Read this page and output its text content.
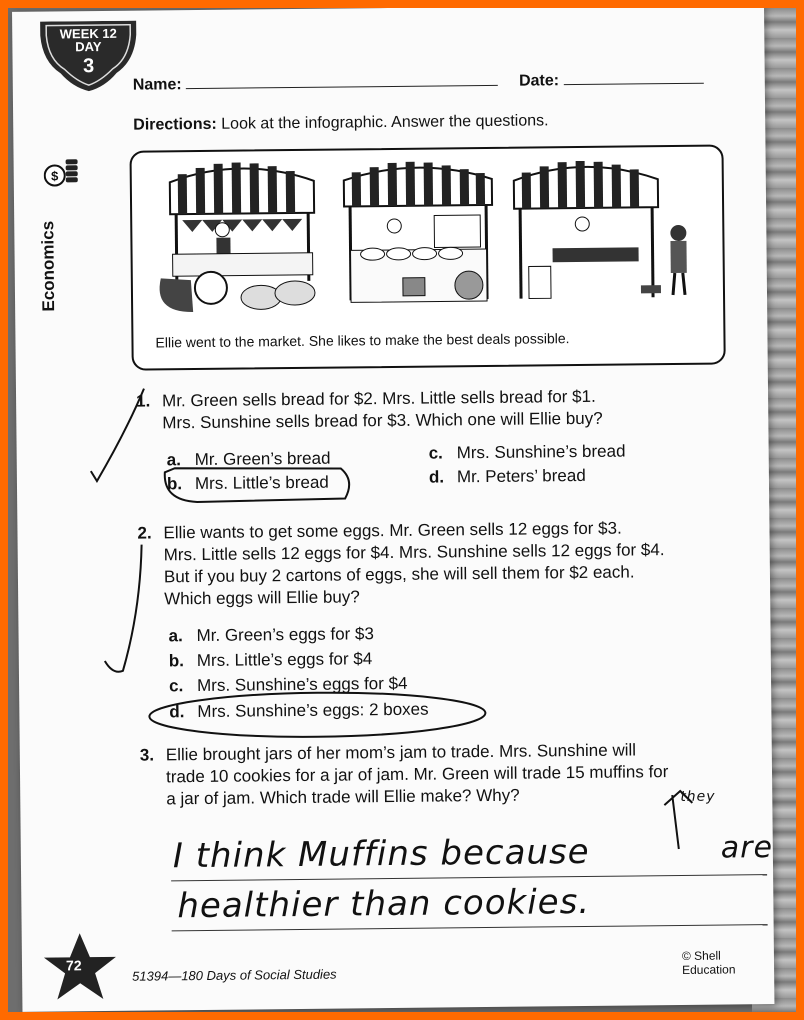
WEEK 12
DAY
3
Name:	Date:
$
Economics
Directions: Look at the infographic. Answer the questions.
Ellie went to the market. She likes to make the best deals possible.
1. Mr. Green sells bread for $2. Mrs. Little sells bread for $1.
Mrs. Sunshine sells bread for $3. Which one will Ellie buy?
a. Mr. Green’s bread
b. Mrs. Little’s bread
c. Mrs. Sunshine’s bread
d. Mr. Peters’ bread
2. Ellie wants to get some eggs. Mr. Green sells 12 eggs for $3.
Mrs. Little sells 12 eggs for $4. Mrs. Sunshine sells 12 eggs for $4.
But if you buy 2 cartons of eggs, she will sell them for $2 each.
Which eggs will Ellie buy?
a. Mr. Green’s eggs for $3
b. Mrs. Little’s eggs for $4
c. Mrs. Sunshine’s eggs for $4
d. Mrs. Sunshine’s eggs: 2 boxes
3. Ellie brought jars of her mom’s jam to trade. Mrs. Sunshine will
trade 10 cookies for a jar of jam. Mr. Green will trade 15 muffins for
a jar of jam. Which trade will Ellie make? Why?
I think Muffins because	are
they
healthier than cookies.
72
51394—180 Days of Social Studies
© Shell Education
